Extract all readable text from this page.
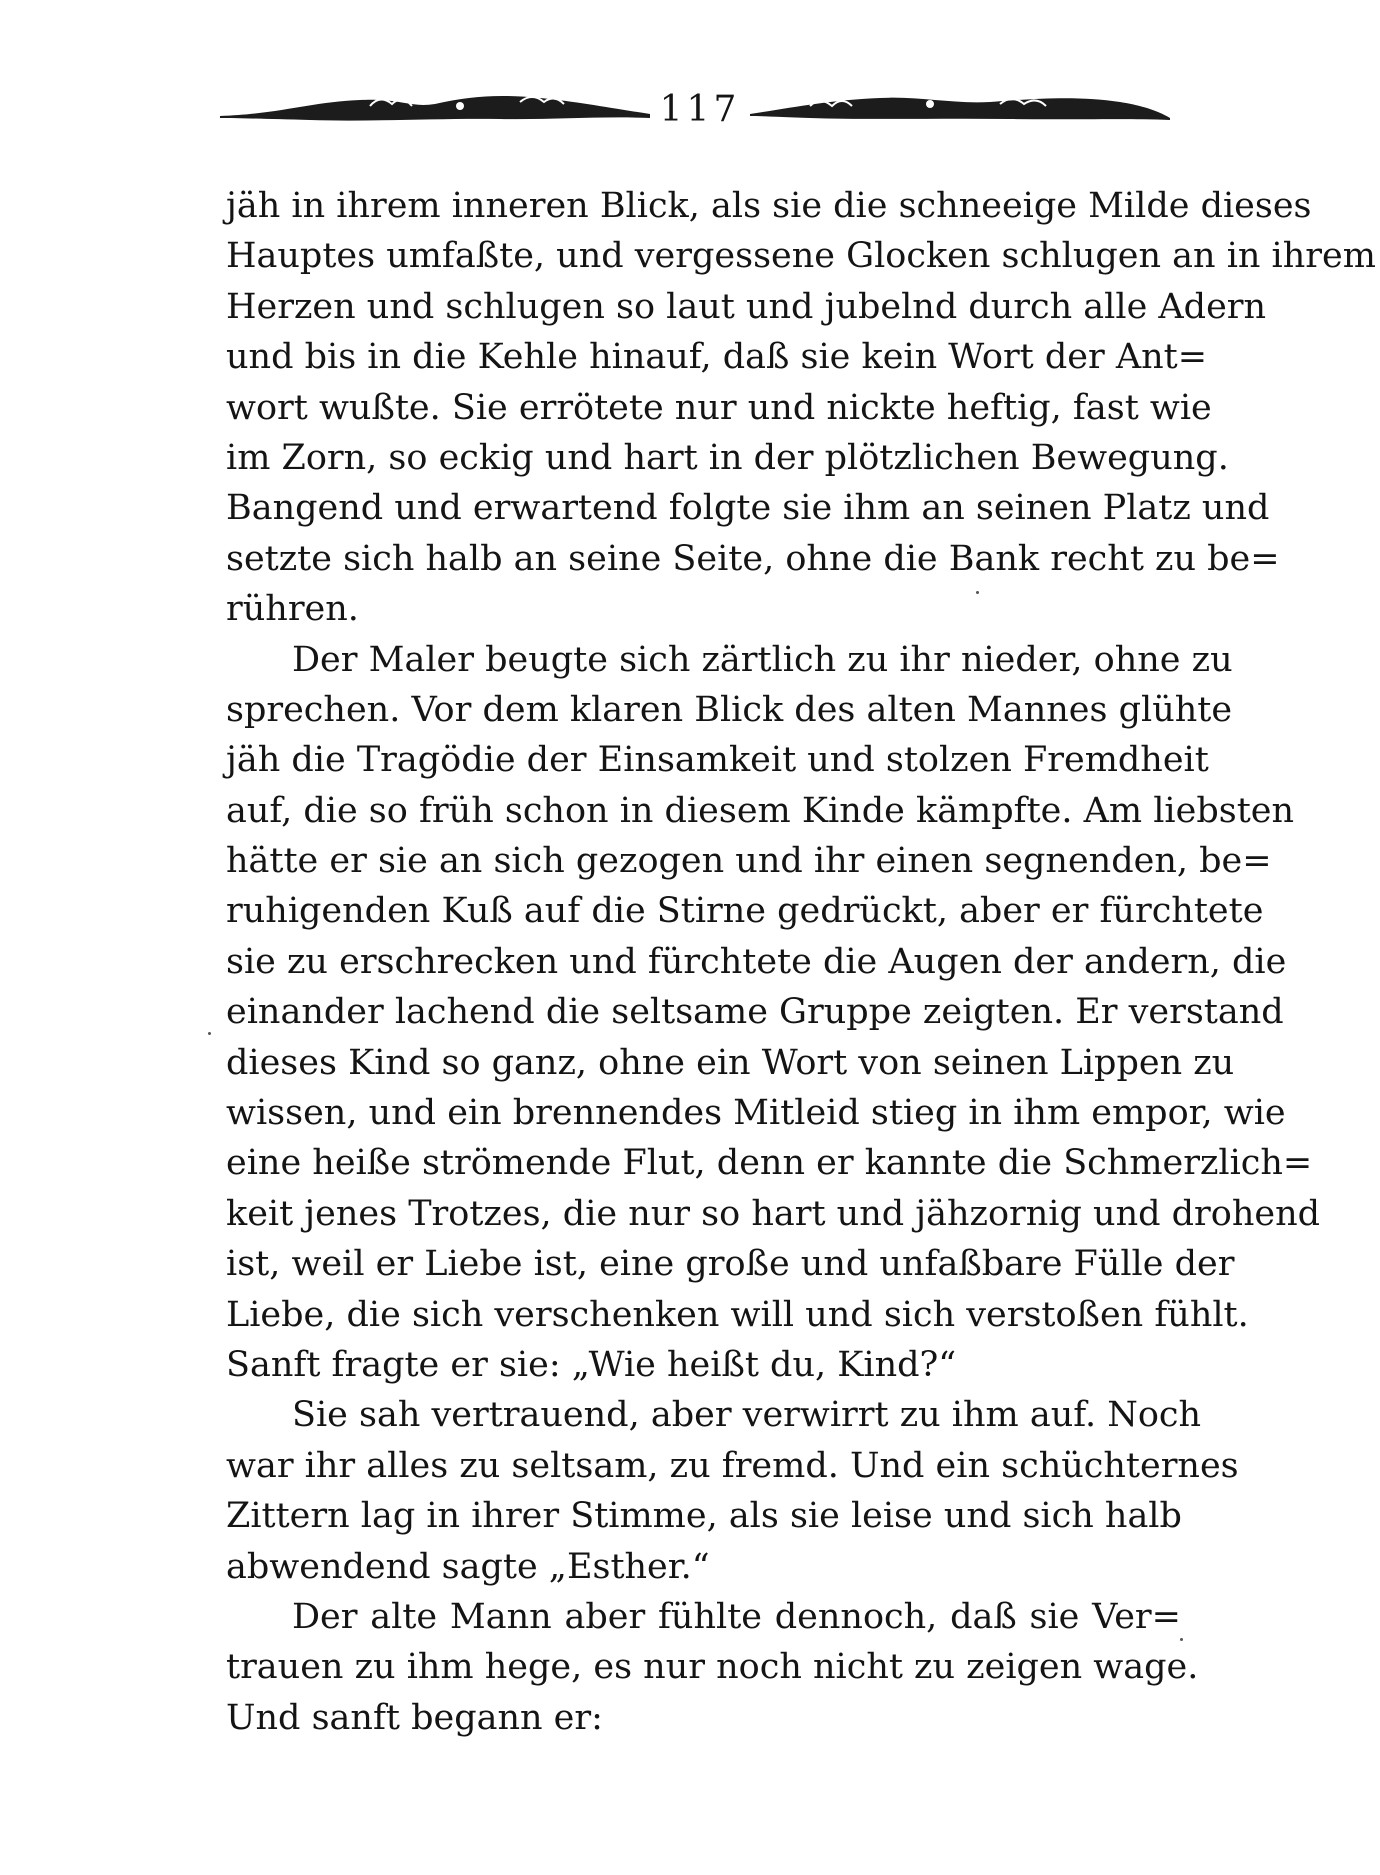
117
jäh in ihrem inneren Blick, als sie die schneeige Milde dieses
Hauptes umfaßte, und vergessene Glocken schlugen an in ihrem
Herzen und schlugen so laut und jubelnd durch alle Adern
und bis in die Kehle hinauf, daß sie kein Wort der Ant=
wort wußte. Sie errötete nur und nickte heftig, fast wie
im Zorn, so eckig und hart in der plötzlichen Bewegung.
Bangend und erwartend folgte sie ihm an seinen Platz und
setzte sich halb an seine Seite, ohne die Bank recht zu be=
rühren.
Der Maler beugte sich zärtlich zu ihr nieder, ohne zu
sprechen. Vor dem klaren Blick des alten Mannes glühte
jäh die Tragödie der Einsamkeit und stolzen Fremdheit
auf, die so früh schon in diesem Kinde kämpfte. Am liebsten
hätte er sie an sich gezogen und ihr einen segnenden, be=
ruhigenden Kuß auf die Stirne gedrückt, aber er fürchtete
sie zu erschrecken und fürchtete die Augen der andern, die
einander lachend die seltsame Gruppe zeigten. Er verstand
dieses Kind so ganz, ohne ein Wort von seinen Lippen zu
wissen, und ein brennendes Mitleid stieg in ihm empor, wie
eine heiße strömende Flut, denn er kannte die Schmerzlich=
keit jenes Trotzes, die nur so hart und jähzornig und drohend
ist, weil er Liebe ist, eine große und unfaßbare Fülle der
Liebe, die sich verschenken will und sich verstoßen fühlt.
Sanft fragte er sie: „Wie heißt du, Kind?“
Sie sah vertrauend, aber verwirrt zu ihm auf. Noch
war ihr alles zu seltsam, zu fremd. Und ein schüchternes
Zittern lag in ihrer Stimme, als sie leise und sich halb
abwendend sagte „Esther.“
Der alte Mann aber fühlte dennoch, daß sie Ver=
trauen zu ihm hege, es nur noch nicht zu zeigen wage.
Und sanft begann er:
